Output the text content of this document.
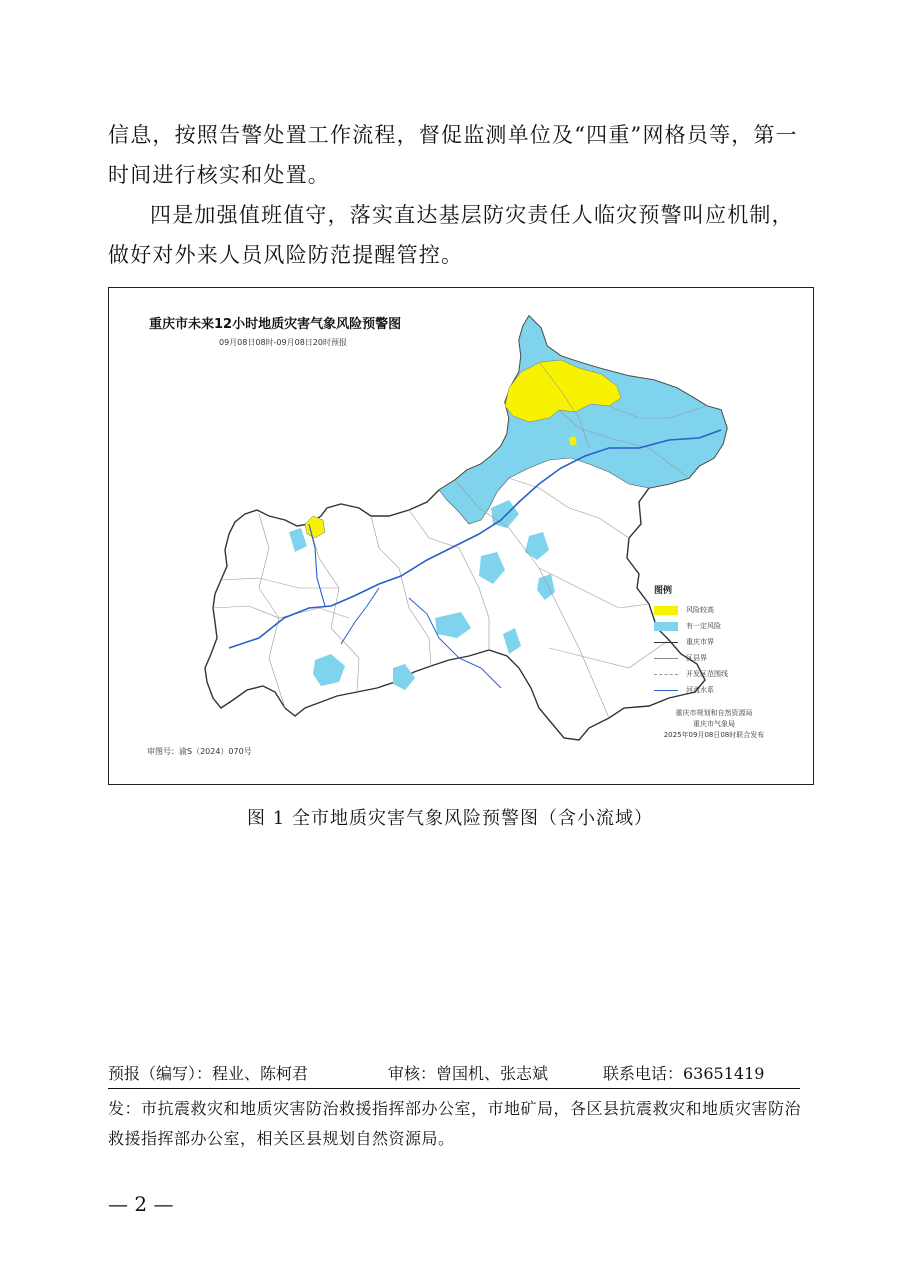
信息，按照告警处置工作流程，督促监测单位及“四重”网格员等，第一时间进行核实和处置。

四是加强值班值守，落实直达基层防灾责任人临灾预警叫应机制，做好对外来人员风险防范提醒管控。

重庆市未来12小时地质灾害气象风险预警图
09月08日08时-09月08日20时预报
图例
风险较高
有一定风险
重庆市界
区县界
开发区范围线
河流水系
重庆市规划和自然资源局
重庆市气象局
2025年09月08日08时联合发布
审图号：渝S（2024）070号
图 1 全市地质灾害气象风险预警图（含小流域）
预报（编写）：程业、陈柯君	审核：曾国机、张志斌	联系电话：63651419
发：市抗震救灾和地质灾害防治救援指挥部办公室，市地矿局，各区县抗震救灾和地质灾害防治救援指挥部办公室，相关区县规划自然资源局。
— 2 —
